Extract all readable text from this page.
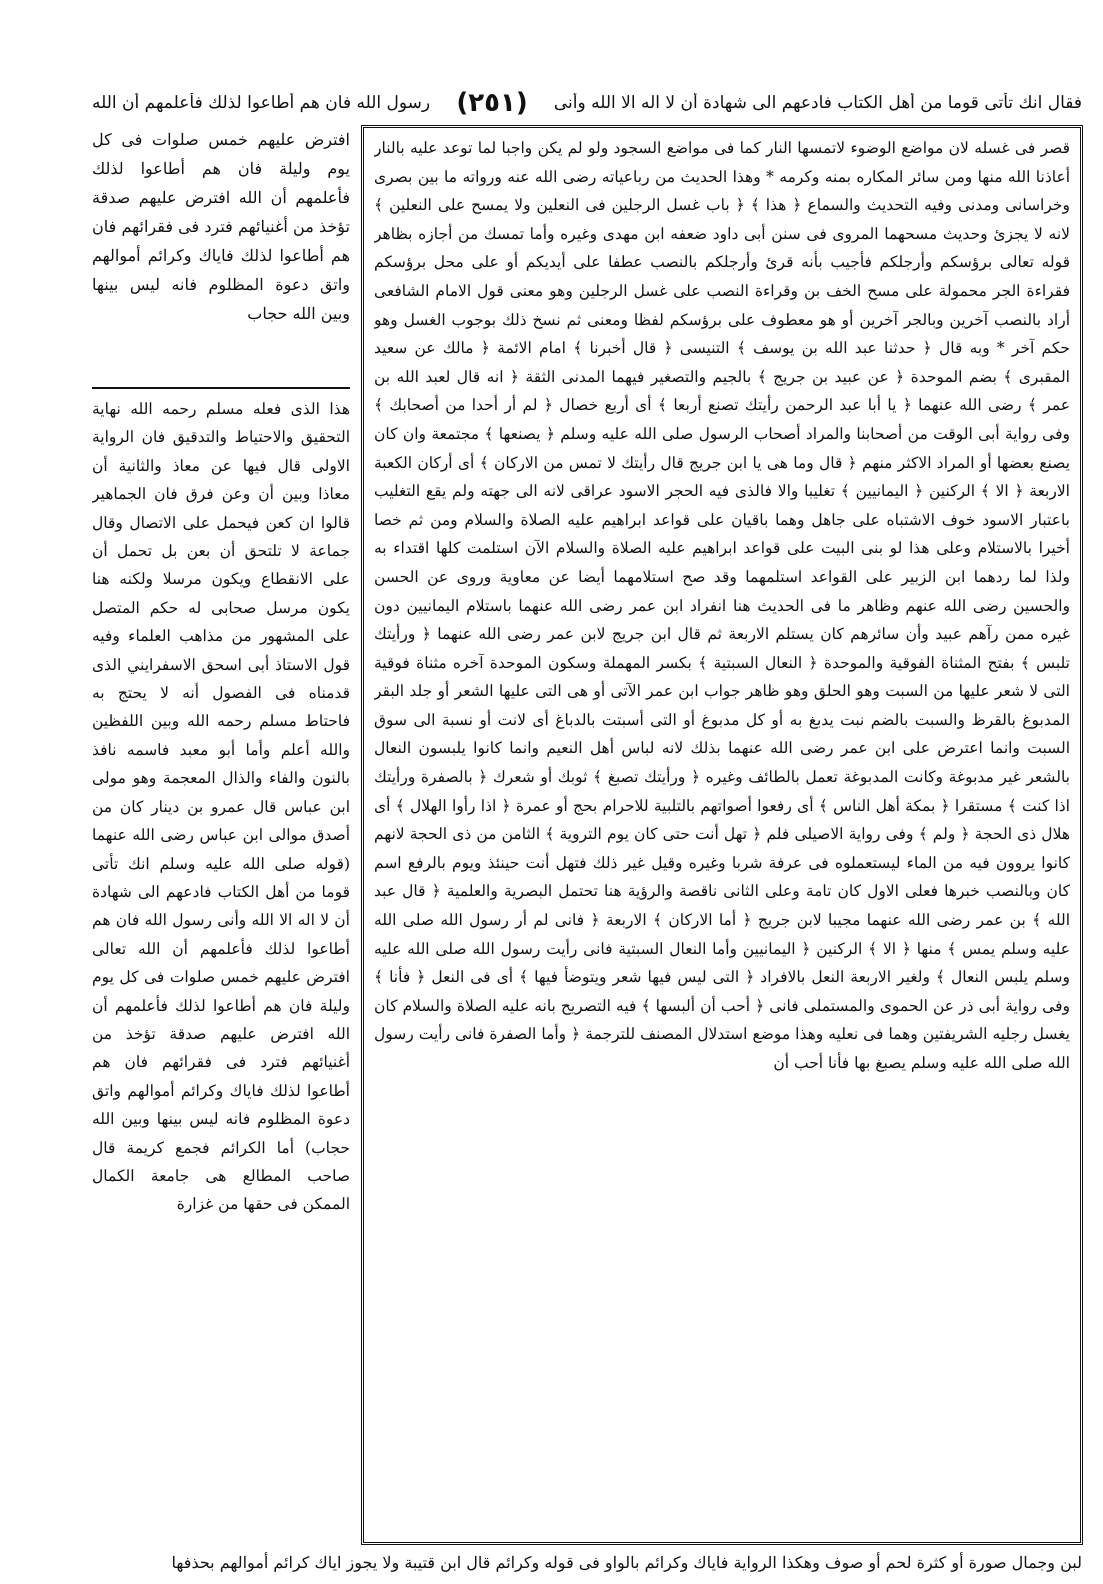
فقال انك تأتى قوما من أهل الكتاب فادعهم الى شهادة أن لا اله الا الله وأنى
(٢٥١)
رسول الله فان هم أطاعوا لذلك فأعلمهم أن الله

قصر فى غسله لان مواضع الوضوء لاتمسها النار كما فى مواضع السجود ولو لم يكن واجبا لما توعد عليه بالنار أعاذنا الله منها ومن سائر المكاره بمنه وكرمه * وهذا الحديث من رباعياته رضى الله عنه ورواته ما بين بصرى وخراسانى ومدنى وفيه التحديث والسماع ﴿ هذا ﴾ ﴿ باب غسل الرجلين فى النعلين ولا يمسح على النعلين ﴾ لانه لا يجزئ وحديث مسحهما المروى فى سنن أبى داود ضعفه ابن مهدى وغيره وأما تمسك من أجازه بظاهر قوله تعالى برؤسكم وأرجلكم فأجيب بأنه قرئ وأرجلكم بالنصب عطفا على أيديكم أو على محل برؤسكم فقراءة الجر محمولة على مسح الخف بن وقراءة النصب على غسل الرجلين وهو معنى قول الامام الشافعى أراد بالنصب آخرين وبالجر آخرين أو هو معطوف على برؤسكم لفظا ومعنى ثم نسخ ذلك بوجوب الغسل وهو حكم آخر * وبه قال ﴿ حدثنا عبد الله بن يوسف ﴾ التنيسى ﴿ قال أخبرنا ﴾ امام الائمة ﴿ مالك عن سعيد المقبرى ﴾ بضم الموحدة ﴿ عن عبيد بن جريج ﴾ بالجيم والتصغير فيهما المدنى الثقة ﴿ انه قال لعبد الله بن عمر ﴾ رضى الله عنهما ﴿ يا أبا عبد الرحمن رأيتك تصنع أربعا ﴾ أى أربع خصال ﴿ لم أر أحدا من أصحابك ﴾ وفى رواية أبى الوقت من أصحابنا والمراد أصحاب الرسول صلى الله عليه وسلم ﴿ يصنعها ﴾ مجتمعة وان كان يصنع بعضها أو المراد الاكثر منهم ﴿ قال وما هى يا ابن جريج قال رأيتك لا تمس من الاركان ﴾ أى أركان الكعبة الاربعة ﴿ الا ﴾ الركنين ﴿ اليمانيين ﴾ تغليبا والا فالذى فيه الحجر الاسود عراقى لانه الى جهته ولم يقع التغليب باعتبار الاسود خوف الاشتباه على جاهل وهما باقيان على قواعد ابراهيم عليه الصلاة والسلام ومن ثم خصا أخيرا بالاستلام وعلى هذا لو بنى البيت على قواعد ابراهيم عليه الصلاة والسلام الآن استلمت كلها اقتداء به ولذا لما ردهما ابن الزبير على القواعد استلمهما وقد صح استلامهما أيضا عن معاوية وروى عن الحسن والحسين رضى الله عنهم وظاهر ما فى الحديث هنا انفراد ابن عمر رضى الله عنهما باستلام اليمانيين دون غيره ممن رآهم عبيد وأن سائرهم كان يستلم الاربعة ثم قال ابن جريج لابن عمر رضى الله عنهما ﴿ ورأيتك تلبس ﴾ بفتح المثناة الفوقية والموحدة ﴿ النعال السبتية ﴾ بكسر المهملة وسكون الموحدة آخره مثناة فوقية التى لا شعر عليها من السبت وهو الحلق وهو ظاهر جواب ابن عمر الآتى أو هى التى عليها الشعر أو جلد البقر المدبوغ بالقرظ والسبت بالضم نبت يدبغ به أو كل مدبوغ أو التى أسبتت بالدباغ أى لانت أو نسبة الى سوق السبت وانما اعترض على ابن عمر رضى الله عنهما بذلك لانه لباس أهل النعيم وانما كانوا يلبسون النعال بالشعر غير مدبوغة وكانت المدبوغة تعمل بالطائف وغيره ﴿ ورأيتك تصبغ ﴾ ثوبك أو شعرك ﴿ بالصفرة ورأيتك اذا كنت ﴾ مستقرا ﴿ بمكة أهل الناس ﴾ أى رفعوا أصواتهم بالتلبية للاحرام بحج أو عمرة ﴿ اذا رأوا الهلال ﴾ أى هلال ذى الحجة ﴿ ولم ﴾ وفى رواية الاصيلى فلم ﴿ تهل أنت حتى كان يوم التروية ﴾ الثامن من ذى الحجة لانهم كانوا يروون فيه من الماء ليستعملوه فى عرفة شربا وغيره وقيل غير ذلك فتهل أنت حينئذ ويوم بالرفع اسم كان وبالنصب خبرها فعلى الاول كان تامة وعلى الثانى ناقصة والرؤية هنا تحتمل البصرية والعلمية ﴿ قال عبد الله ﴾ بن عمر رضى الله عنهما مجيبا لابن جريج ﴿ أما الاركان ﴾ الاربعة ﴿ فانى لم أر رسول الله صلى الله عليه وسلم يمس ﴾ منها ﴿ الا ﴾ الركنين ﴿ اليمانيين وأما النعال السبتية فانى رأيت رسول الله صلى الله عليه وسلم يلبس النعال ﴾ ولغير الاربعة النعل بالافراد ﴿ التى ليس فيها شعر ويتوضأ فيها ﴾ أى فى النعل ﴿ فأنا ﴾ وفى رواية أبى ذر عن الحموى والمستملى فانى ﴿ أحب أن ألبسها ﴾ فيه التصريح بانه عليه الصلاة والسلام كان يغسل رجليه الشريفتين وهما فى نعليه وهذا موضع استدلال المصنف للترجمة ﴿ وأما الصفرة فانى رأيت رسول الله صلى الله عليه وسلم يصبغ بها فأنا أحب أن

افترض عليهم خمس صلوات فى كل يوم وليلة فان هم أطاعوا لذلك فأعلمهم أن الله افترض عليهم صدقة تؤخذ من أغنيائهم فترد فى فقرائهم فان هم أطاعوا لذلك فاياك وكرائم أموالهم واتق دعوة المظلوم فانه ليس بينها وبين الله حجاب
هذا الذى فعله مسلم رحمه الله نهاية التحقيق والاحتياط والتدقيق فان الرواية الاولى قال فيها عن معاذ والثانية أن معاذا وبين أن وعن فرق فان الجماهير قالوا ان كعن فيحمل على الاتصال وقال جماعة لا تلتحق أن بعن بل تحمل أن على الانقطاع ويكون مرسلا ولكنه هنا يكون مرسل صحابى له حكم المتصل على المشهور من مذاهب العلماء وفيه قول الاستاذ أبى اسحق الاسفرايني الذى قدمناه فى الفصول أنه لا يحتج به فاحتاط مسلم رحمه الله وبين اللفظين والله أعلم وأما أبو معبد فاسمه نافذ بالنون والفاء والذال المعجمة وهو مولى ابن عباس قال عمرو بن دينار كان من أصدق موالى ابن عباس رضى الله عنهما (قوله صلى الله عليه وسلم انك تأتى قوما من أهل الكتاب فادعهم الى شهادة أن لا اله الا الله وأنى رسول الله فان هم أطاعوا لذلك فأعلمهم أن الله تعالى افترض عليهم خمس صلوات فى كل يوم وليلة فان هم أطاعوا لذلك فأعلمهم أن الله افترض عليهم صدقة تؤخذ من أغنيائهم فترد فى فقرائهم فان هم أطاعوا لذلك فاياك وكرائم أموالهم واتق دعوة المظلوم فانه ليس بينها وبين الله حجاب) أما الكرائم فجمع كريمة قال صاحب المطالع هى جامعة الكمال الممكن فى حقها من غزارة
لبن وجمال صورة أو كثرة لحم أو صوف وهكذا الرواية فاياك وكرائم بالواو فى قوله وكرائم قال ابن قتيبة ولا يجوز اياك كرائم أموالهم بحذفها
